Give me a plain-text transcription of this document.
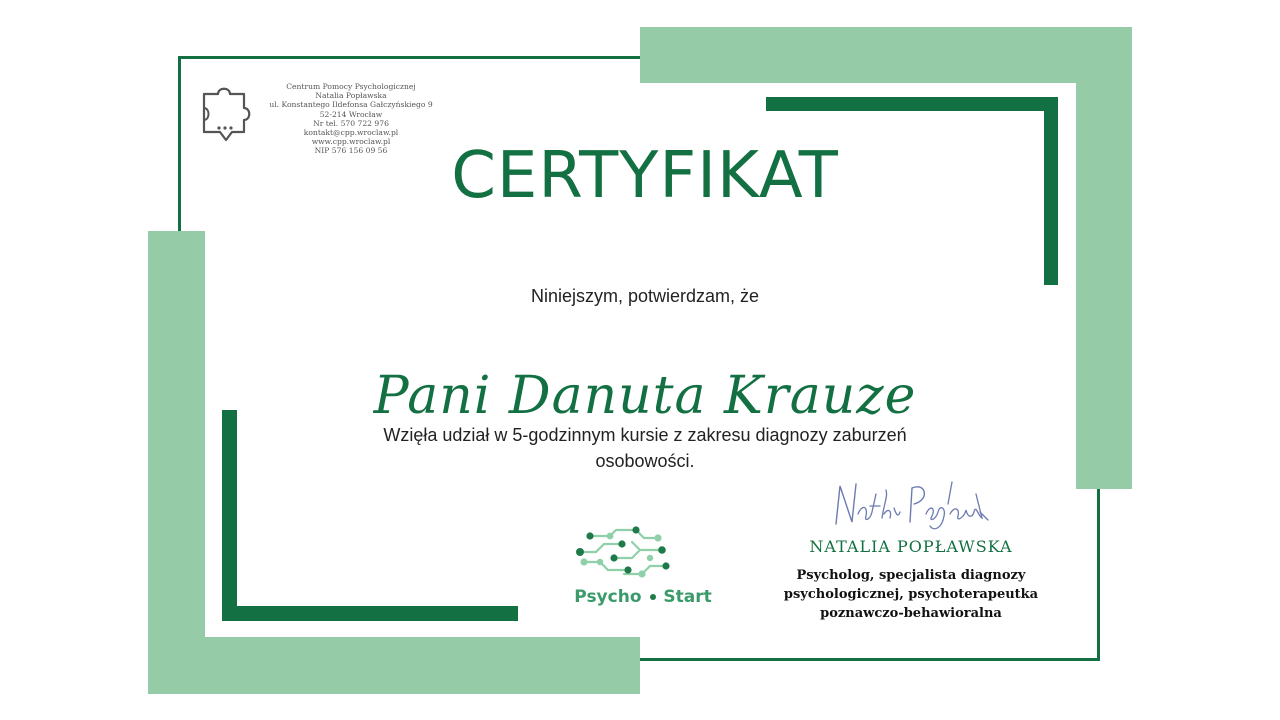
Centrum Pomocy Psychologicznej
Natalia Popławska
ul. Konstantego Ildefonsa Gałczyńskiego 9
52-214 Wrocław
Nr tel. 570 722 976
kontakt@cpp.wroclaw.pl
www.cpp.wroclaw.pl
NIP 576 156 09 56 CERTYFIKAT
Niniejszym, potwierdzam, że
Pani Danuta Krauze
Wzięła udział w 5-godzinnym kursie z zakresu diagnozy zaburzeń
osobowości.
NATALIA POPŁAWSKA
Psycholog, specjalista diagnozy
psychologicznej, psychoterapeutka
poznawczo-behawioralna
Psycho Start
